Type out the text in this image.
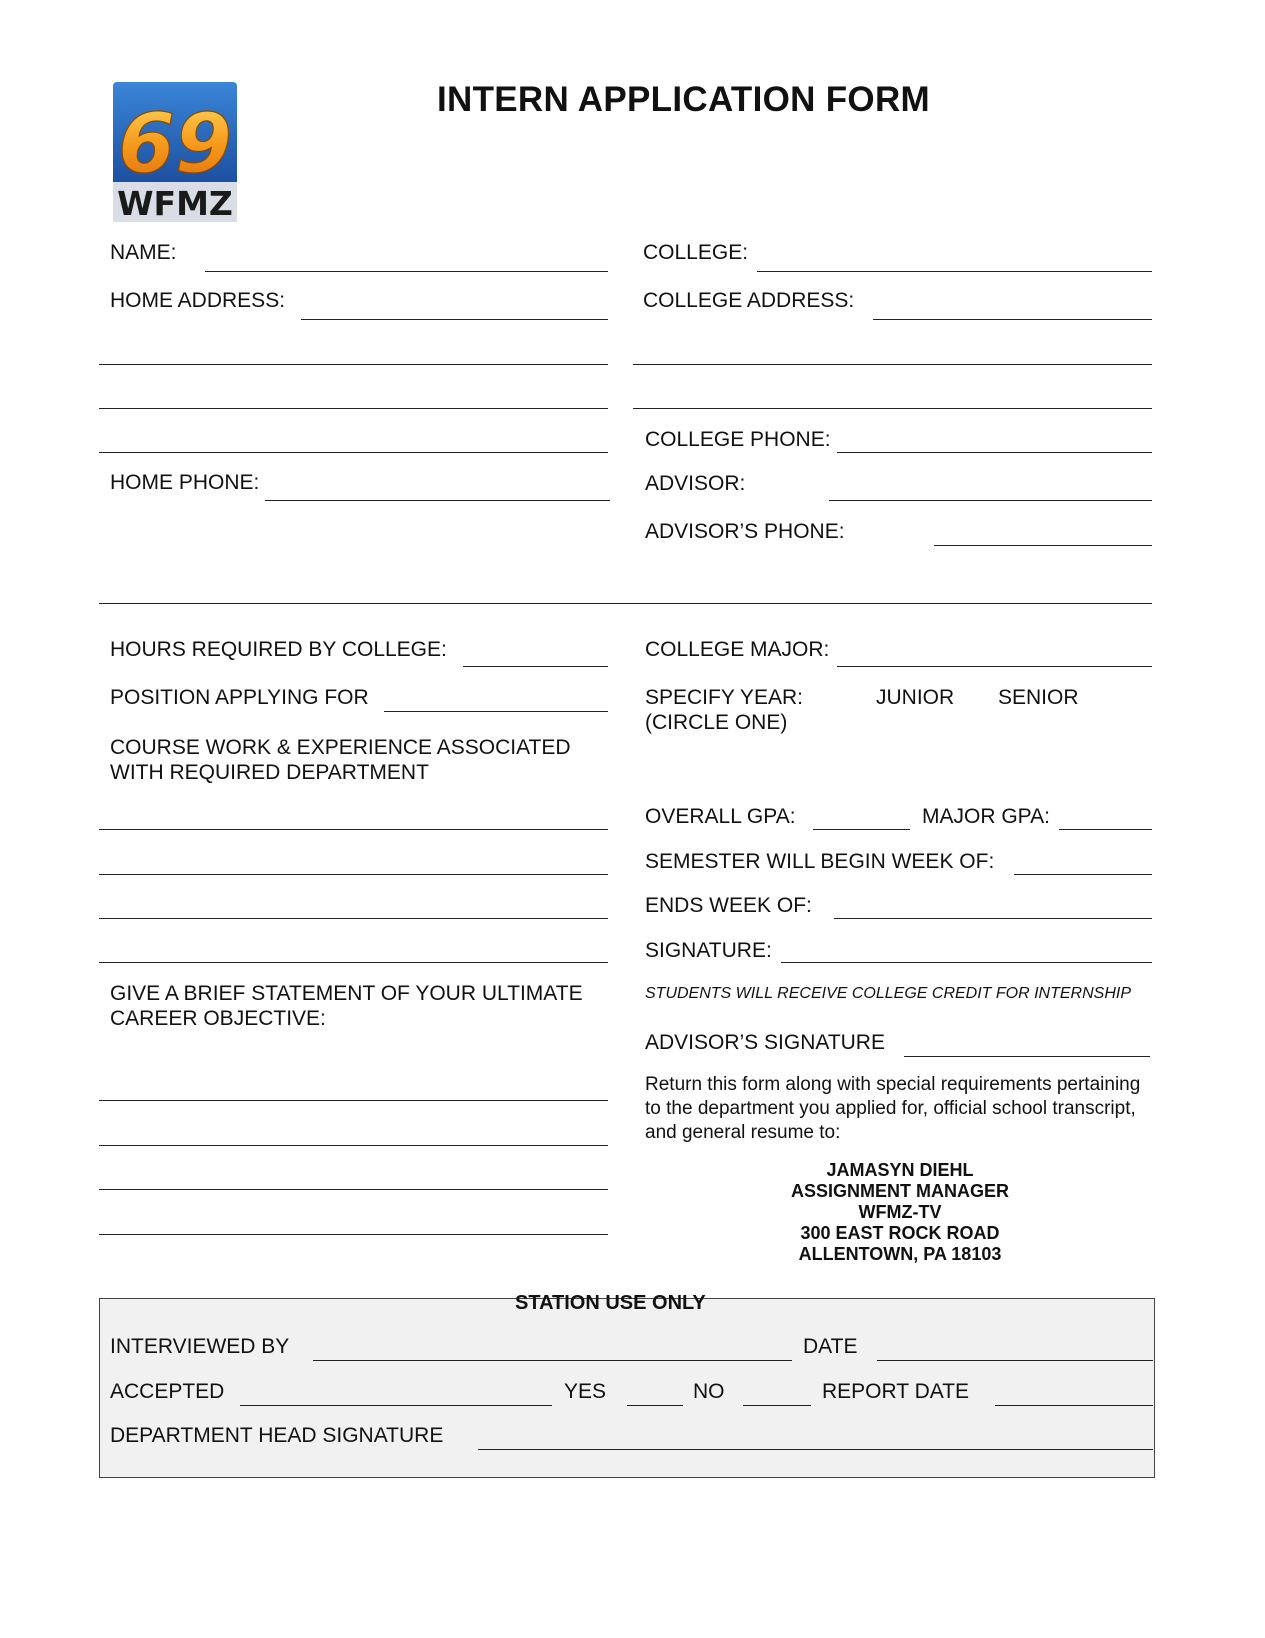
69
WFMZ
INTERN APPLICATION FORM
NAME:
HOME ADDRESS:
HOME PHONE:
COLLEGE:
COLLEGE ADDRESS:
COLLEGE PHONE:
ADVISOR:
ADVISOR’S PHONE:
HOURS REQUIRED BY COLLEGE:
POSITION APPLYING FOR
COURSE WORK & EXPERIENCE ASSOCIATED
WITH REQUIRED DEPARTMENT
GIVE A BRIEF STATEMENT OF YOUR ULTIMATE
CAREER OBJECTIVE:
COLLEGE MAJOR:
SPECIFY YEAR:
(CIRCLE ONE)
JUNIOR SENIOR
OVERALL GPA:	MAJOR GPA:
SEMESTER WILL BEGIN WEEK OF:
ENDS WEEK OF:
SIGNATURE:
STUDENTS WILL RECEIVE COLLEGE CREDIT FOR INTERNSHIP
ADVISOR’S SIGNATURE
Return this form along with special requirements pertaining to the department you applied for, official school transcript, and general resume to:
JAMASYN DIEHL
ASSIGNMENT MANAGER
WFMZ-TV
300 EAST ROCK ROAD
ALLENTOWN, PA 18103
STATION USE ONLY
INTERVIEWED BY	DATE
ACCEPTED	YES	NO	REPORT DATE
DEPARTMENT HEAD SIGNATURE
